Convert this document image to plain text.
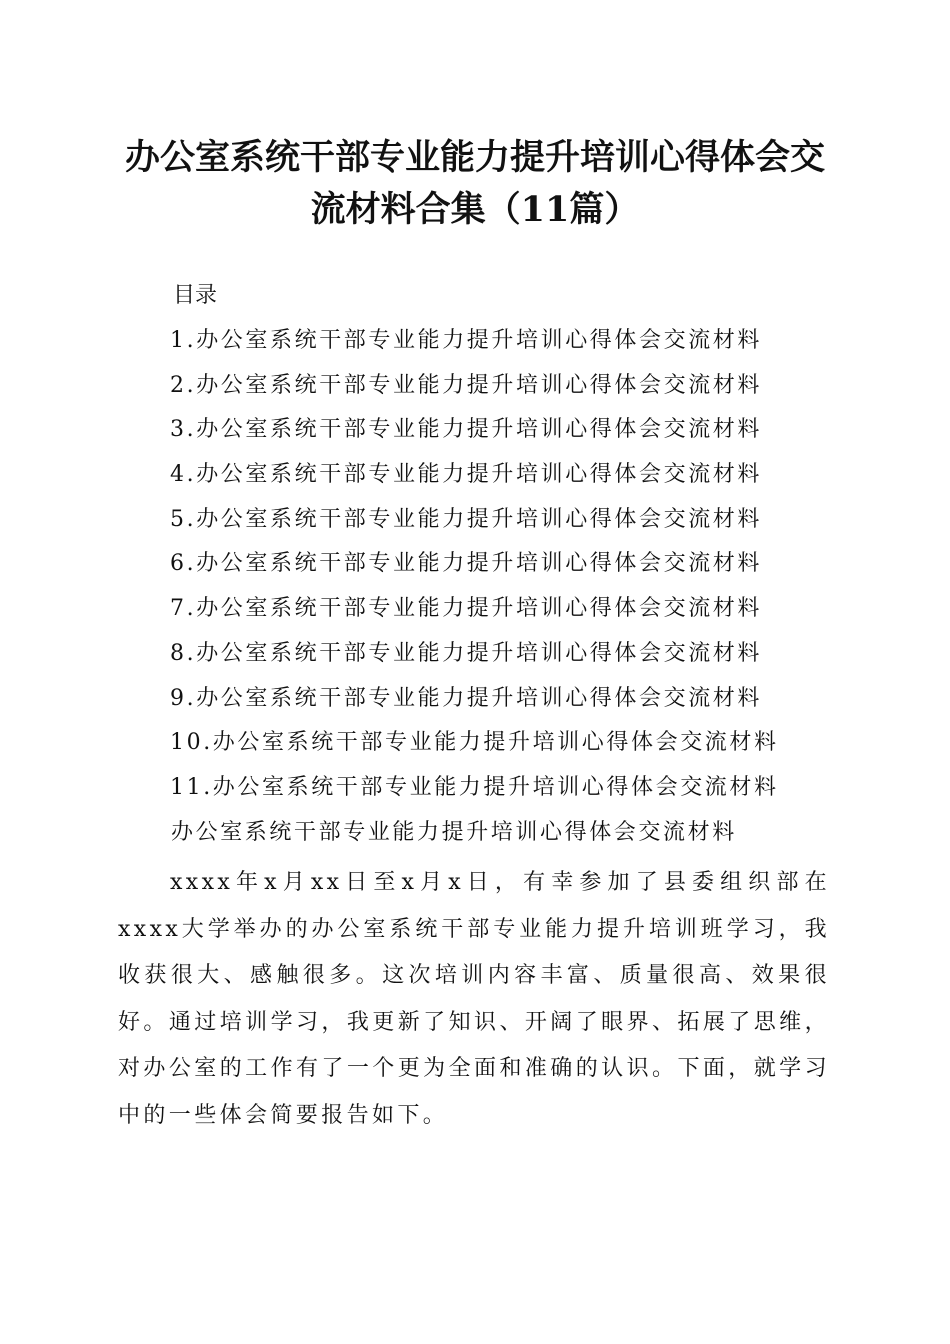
办公室系统干部专业能力提升培训心得体会交
流材料合集（11篇）
目录
1.办公室系统干部专业能力提升培训心得体会交流材料
2.办公室系统干部专业能力提升培训心得体会交流材料
3.办公室系统干部专业能力提升培训心得体会交流材料
4.办公室系统干部专业能力提升培训心得体会交流材料
5.办公室系统干部专业能力提升培训心得体会交流材料
6.办公室系统干部专业能力提升培训心得体会交流材料
7.办公室系统干部专业能力提升培训心得体会交流材料
8.办公室系统干部专业能力提升培训心得体会交流材料
9.办公室系统干部专业能力提升培训心得体会交流材料
10.办公室系统干部专业能力提升培训心得体会交流材料
11.办公室系统干部专业能力提升培训心得体会交流材料
办公室系统干部专业能力提升培训心得体会交流材料

xxxx年x月xx日至x月x日，有幸参加了县委组织部在xxxx大学举办的办公室系统干部专业能力提升培训班学习，我收获很大、感触很多。这次培训内容丰富、质量很高、效果很好。通过培训学习，我更新了知识、开阔了眼界、拓展了思维，对办公室的工作有了一个更为全面和准确的认识。下面，就学习中的一些体会简要报告如下。
